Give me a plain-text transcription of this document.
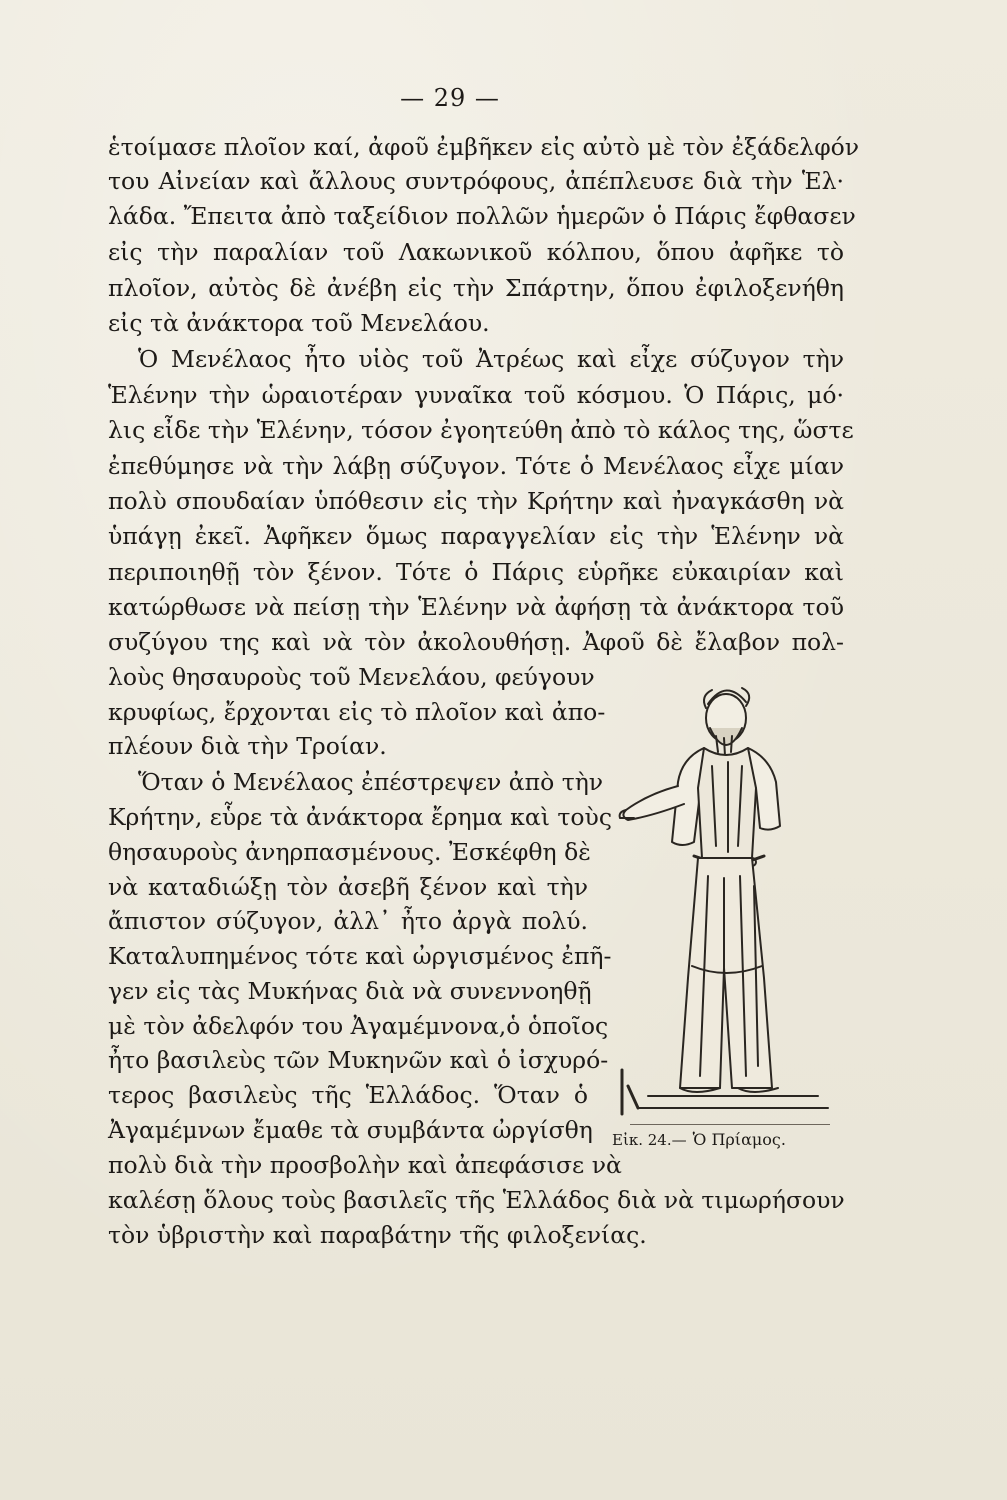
— 29 —
ἑτοίμασε πλοῖον καί, ἀφοῦ ἐμβῆκεν εἰς αὐτὸ μὲ τὸν ἐξάδελφόν
του Αἰνείαν καὶ ἄλλους συντρόφους, ἀπέπλευσε διὰ τὴν Ἑλ·
λάδα. Ἔπειτα ἀπὸ ταξείδιον πολλῶν ἡμερῶν ὁ Πάρις ἔφθασεν
εἰς τὴν παραλίαν τοῦ Λακωνικοῦ κόλπου, ὅπου ἀφῆκε τὸ
πλοῖον, αὐτὸς δὲ ἀνέβη εἰς τὴν Σπάρτην, ὅπου ἐφιλοξενήθη
εἰς τὰ ἀνάκτορα τοῦ Μενελάου.
Ὁ Μενέλαος ἦτο υἱὸς τοῦ Ἀτρέως καὶ εἶχε σύζυγον τὴν
Ἑλένην τὴν ὡραιοτέραν γυναῖκα τοῦ κόσμου. Ὁ Πάρις, μό·
λις εἶδε τὴν Ἑλένην, τόσον ἐγοητεύθη ἀπὸ τὸ κάλος της, ὥστε
ἐπεθύμησε νὰ τὴν λάβῃ σύζυγον. Τότε ὁ Μενέλαος εἶχε μίαν
πολὺ σπουδαίαν ὑπόθεσιν εἰς τὴν Κρήτην καὶ ἠναγκάσθη νὰ
ὑπάγῃ ἐκεῖ. Ἀφῆκεν ὅμως παραγγελίαν εἰς τὴν Ἑλένην νὰ
περιποιηθῇ τὸν ξένον. Τότε ὁ Πάρις εὑρῆκε εὐκαιρίαν καὶ
κατώρθωσε νὰ πείσῃ τὴν Ἑλένην νὰ ἀφήσῃ τὰ ἀνάκτορα τοῦ
συζύγου της καὶ νὰ τὸν ἀκολουθήσῃ. Ἀφοῦ δὲ ἔλαβον πολ-
λοὺς θησαυροὺς τοῦ Μενελάου, φεύγουν
κρυφίως, ἔρχονται εἰς τὸ πλοῖον καὶ ἀπο-
πλέουν διὰ τὴν Τροίαν.
Ὅταν ὁ Μενέλαος ἐπέστρεψεν ἀπὸ τὴν
Κρήτην, εὗρε τὰ ἀνάκτορα ἔρημα καὶ τοὺς
θησαυροὺς ἀνηρπασμένους. Ἐσκέφθη δὲ
νὰ καταδιώξῃ τὸν ἀσεβῆ ξένον καὶ τὴν
ἄπιστον σύζυγον, ἀλλ᾽ ἦτο ἀργὰ πολύ.
Καταλυπημένος τότε καὶ ὠργισμένος ἐπῆ-
γεν εἰς τὰς Μυκήνας διὰ νὰ συνεννοηθῇ
μὲ τὸν ἀδελφόν του Ἀγαμέμνονα,ὁ ὁποῖος
ἦτο βασιλεὺς τῶν Μυκηνῶν καὶ ὁ ἰσχυρό-
τερος βασιλεὺς τῆς Ἑλλάδος. Ὅταν ὁ
Ἀγαμέμνων ἔμαθε τὰ συμβάντα ὠργίσθη
πολὺ διὰ τὴν προσβολὴν καὶ ἀπεφάσισε νὰ
καλέσῃ ὅλους τοὺς βασιλεῖς τῆς Ἑλλάδος διὰ νὰ τιμωρήσουν
τὸν ὑβριστὴν καὶ παραβάτην τῆς φιλοξενίας.
Εἰκ. 24.— Ὁ Πρίαμος.
